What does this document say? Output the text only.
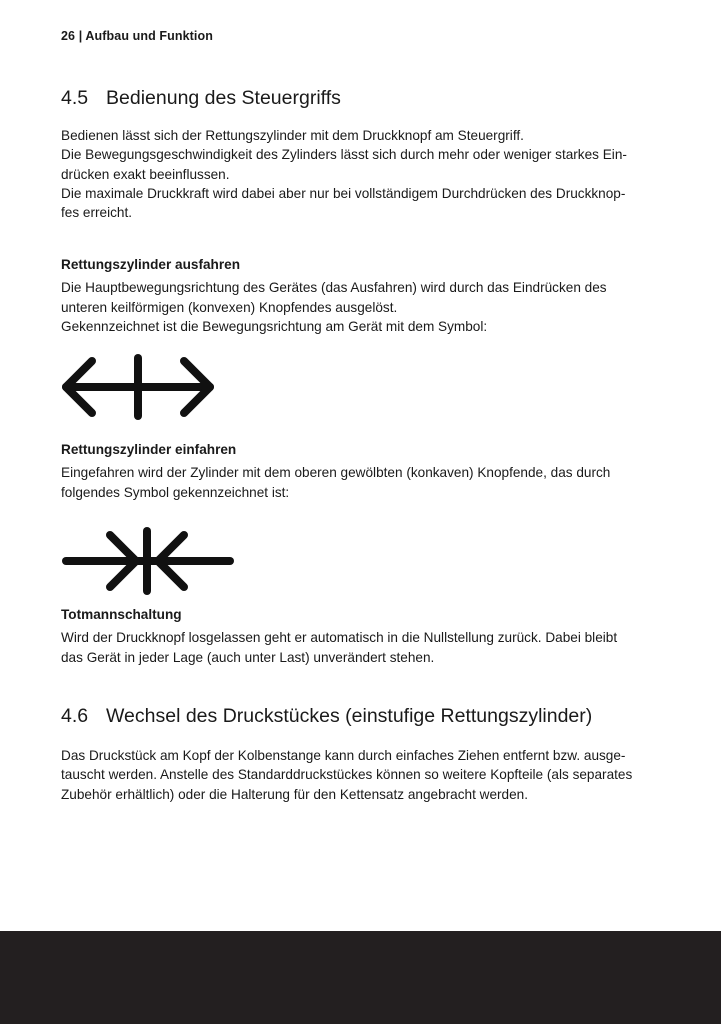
26 | Aufbau und Funktion
4.5 Bedienung des Steuergriffs

Bedienen lässt sich der Rettungszylinder mit dem Druckknopf am Steuergriff.
Die Bewegungsgeschwindigkeit des Zylinders lässt sich durch mehr oder weniger starkes Ein-
drücken exakt beeinflussen.
Die maximale Druckkraft wird dabei aber nur bei vollständigem Durchdrücken des Druckknop-
fes erreicht.

Rettungszylinder ausfahren

Die Hauptbewegungsrichtung des Gerätes (das Ausfahren) wird durch das Eindrücken des
unteren keilförmigen (konvexen) Knopfendes ausgelöst.
Gekennzeichnet ist die Bewegungsrichtung am Gerät mit dem Symbol:

Rettungszylinder einfahren

Eingefahren wird der Zylinder mit dem oberen gewölbten (konkaven) Knopfende, das durch
folgendes Symbol gekennzeichnet ist:

Totmannschaltung

Wird der Druckknopf losgelassen geht er automatisch in die Nullstellung zurück. Dabei bleibt
das Gerät in jeder Lage (auch unter Last) unverändert stehen.

4.6 Wechsel des Druckstückes (einstufige Rettungszylinder)

Das Druckstück am Kopf der Kolbenstange kann durch einfaches Ziehen entfernt bzw. ausge-
tauscht werden. Anstelle des Standarddruckstückes können so weitere Kopfteile (als separates
Zubehör erhältlich) oder die Halterung für den Kettensatz angebracht werden.
